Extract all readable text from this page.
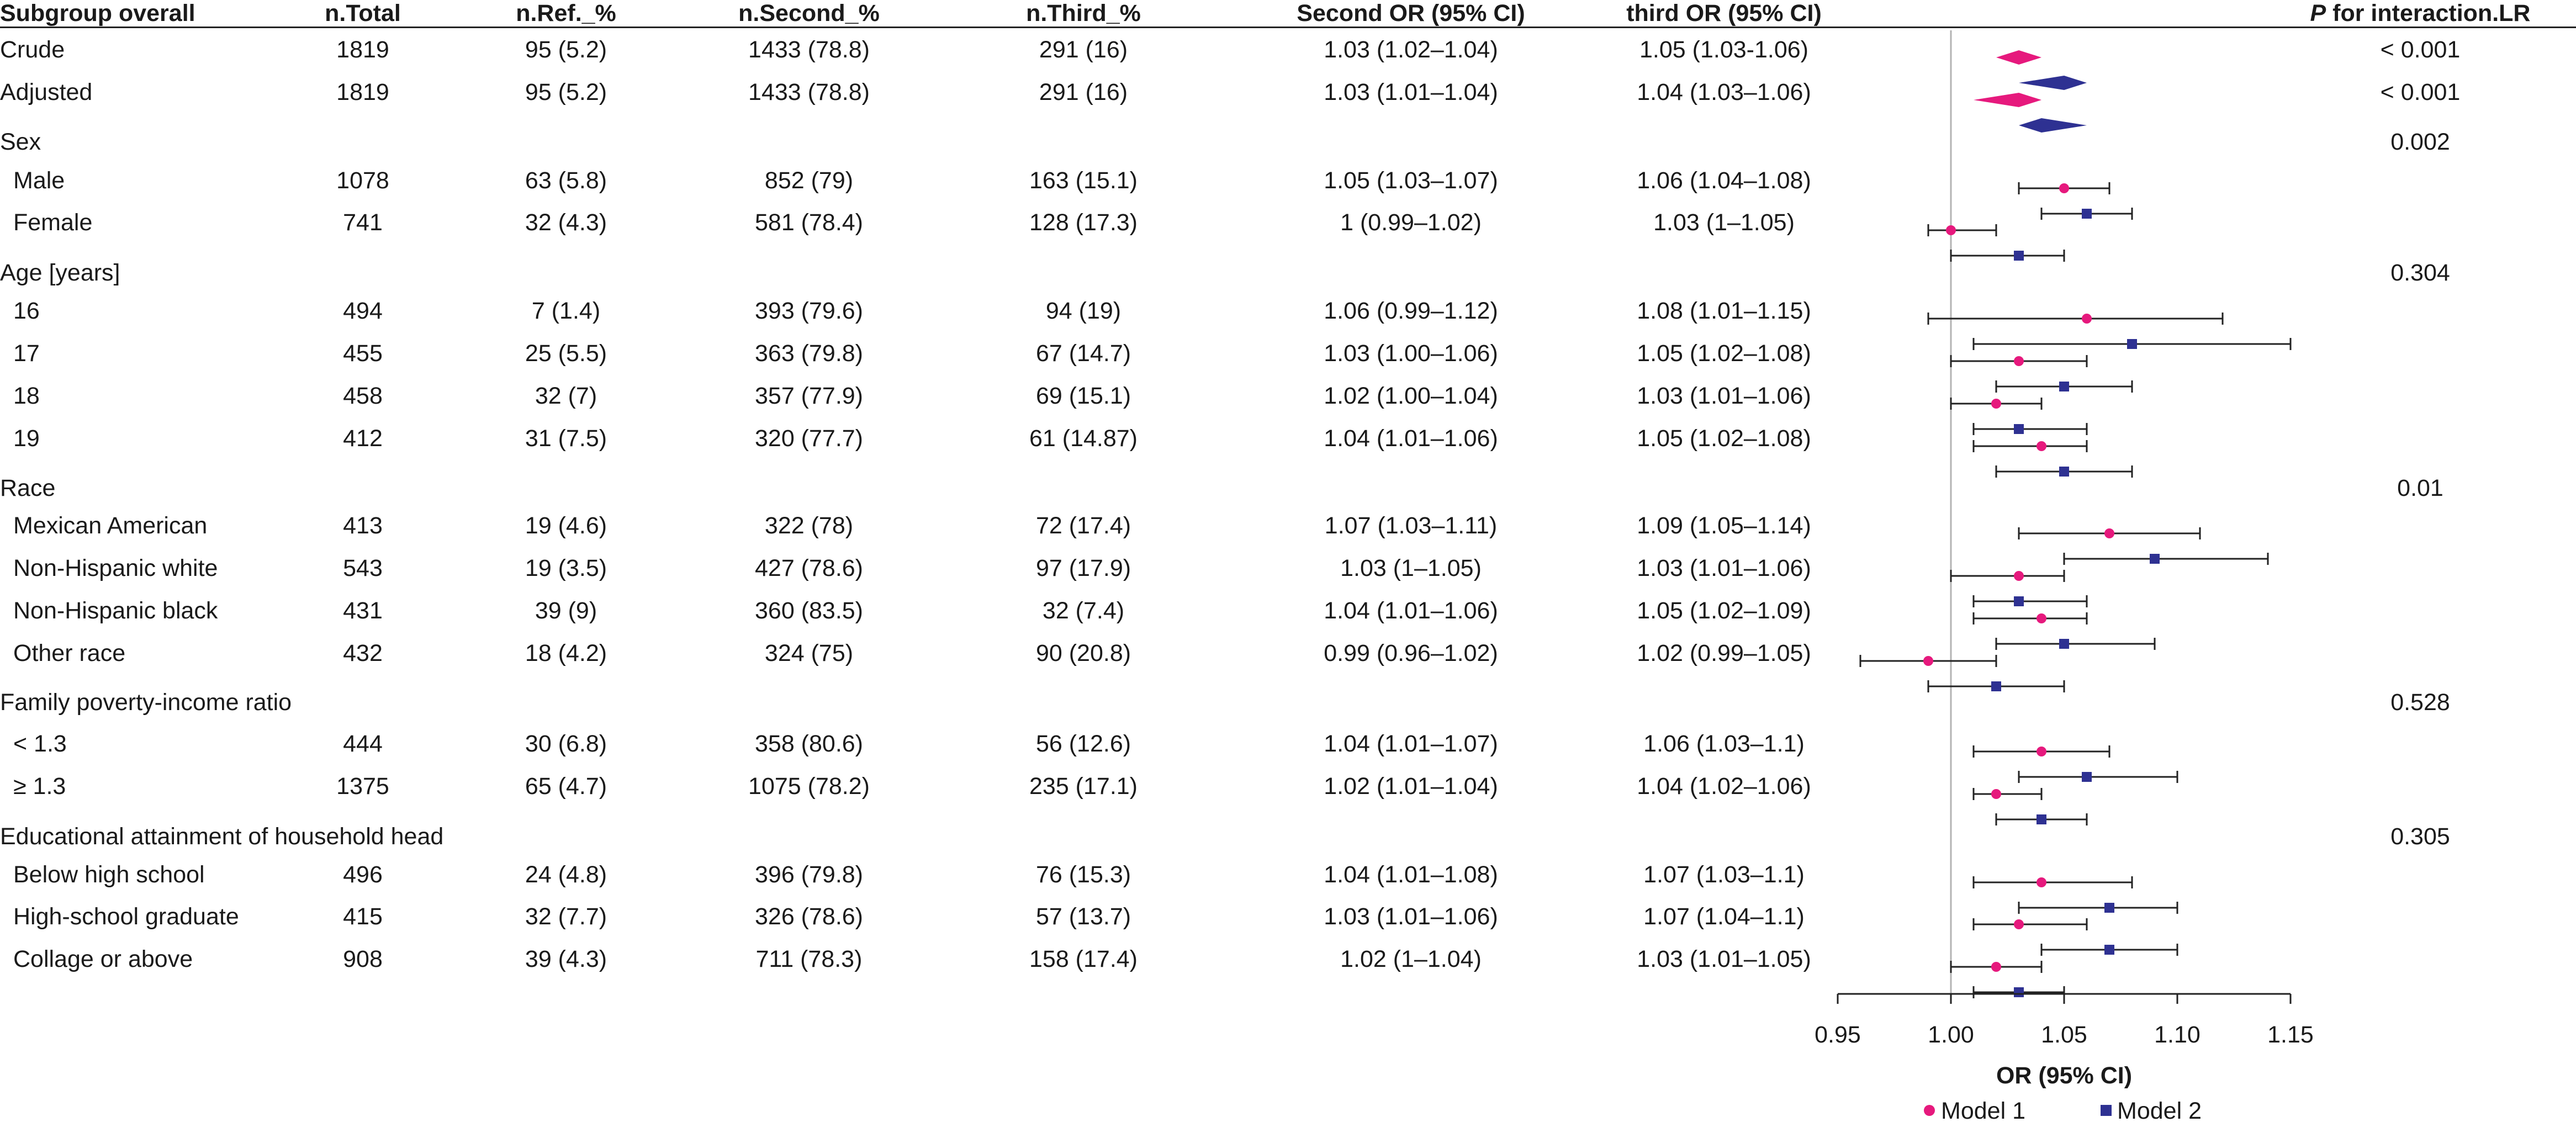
Subgroup overall	n.Total	n.Ref._%	n.Second_%	n.Third_%	Second OR (95% CI)	third OR (95% CI)	P for interaction.LR
Crude	1819	95 (5.2)	1433 (78.8)	291 (16)	1.03 (1.02–1.04)	1.05 (1.03-1.06)	< 0.001
Adjusted	1819	95 (5.2)	1433 (78.8)	291 (16)	1.03 (1.01–1.04)	1.04 (1.03–1.06)	< 0.001
Sex	0.002
Male	1078	63 (5.8)	852 (79)	163 (15.1)	1.05 (1.03–1.07)	1.06 (1.04–1.08)
Female	741	32 (4.3)	581 (78.4)	128 (17.3)	1 (0.99–1.02)	1.03 (1–1.05)
Age [years]	0.304
16	494	7 (1.4)	393 (79.6)	94 (19)	1.06 (0.99–1.12)	1.08 (1.01–1.15)
17	455	25 (5.5)	363 (79.8)	67 (14.7)	1.03 (1.00–1.06)	1.05 (1.02–1.08)
18	458	32 (7)	357 (77.9)	69 (15.1)	1.02 (1.00–1.04)	1.03 (1.01–1.06)
19	412	31 (7.5)	320 (77.7)	61 (14.87)	1.04 (1.01–1.06)	1.05 (1.02–1.08)
Race	0.01
Mexican American	413	19 (4.6)	322 (78)	72 (17.4)	1.07 (1.03–1.11)	1.09 (1.05–1.14)
Non-Hispanic white	543	19 (3.5)	427 (78.6)	97 (17.9)	1.03 (1–1.05)	1.03 (1.01–1.06)
Non-Hispanic black	431	39 (9)	360 (83.5)	32 (7.4)	1.04 (1.01–1.06)	1.05 (1.02–1.09)
Other race	432	18 (4.2)	324 (75)	90 (20.8)	0.99 (0.96–1.02)	1.02 (0.99–1.05)
Family poverty-income ratio	0.528
< 1.3	444	30 (6.8)	358 (80.6)	56 (12.6)	1.04 (1.01–1.07)	1.06 (1.03–1.1)
≥ 1.3	1375	65 (4.7)	1075 (78.2)	235 (17.1)	1.02 (1.01–1.04)	1.04 (1.02–1.06)
Educational attainment of household head	0.305
Below high school	496	24 (4.8)	396 (79.8)	76 (15.3)	1.04 (1.01–1.08)	1.07 (1.03–1.1)
High-school graduate	415	32 (7.7)	326 (78.6)	57 (13.7)	1.03 (1.01–1.06)	1.07 (1.04–1.1)
Collage or above	908	39 (4.3)	711 (78.3)	158 (17.4)	1.02 (1–1.04)	1.03 (1.01–1.05)
0.95	1.00	1.05	1.10	1.15
OR (95% CI)
Model 1	Model 2
